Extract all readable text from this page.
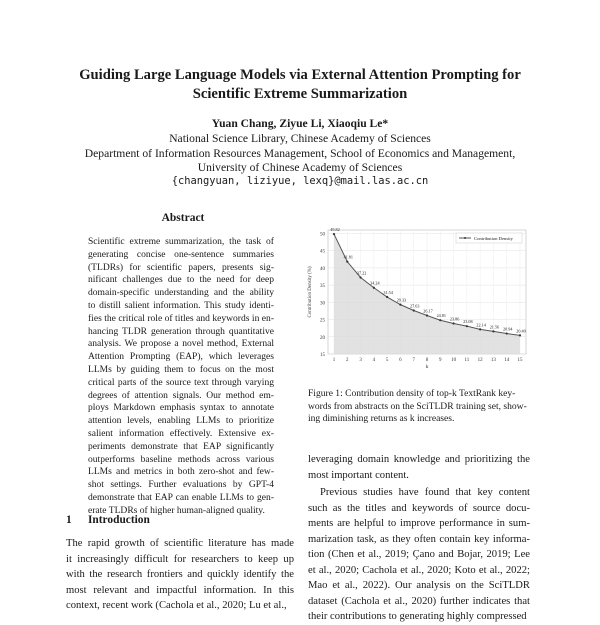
Guiding Large Language Models via External Attention Prompting for
Scientific Extreme Summarization
Yuan Chang, Ziyue Li, Xiaoqiu Le*
National Science Library, Chinese Academy of Sciences
Department of Information Resources Management, School of Economics and Management,
University of Chinese Academy of Sciences
{changyuan, liziyue, lexq}@mail.las.ac.cn
Abstract
Scientific extreme summarization, the task of
generating concise one-sentence summaries
(TLDRs) for scientific papers, presents sig-
nificant challenges due to the need for deep
domain-specific understanding and the ability
to distill salient information. This study identi-
fies the critical role of titles and keywords in en-
hancing TLDR generation through quantitative
analysis. We propose a novel method, External
Attention Prompting (EAP), which leverages
LLMs by guiding them to focus on the most
critical parts of the source text through varying
degrees of attention signals. Our method em-
ploys Markdown emphasis syntax to annotate
attention levels, enabling LLMs to prioritize
salient information effectively. Extensive ex-
periments demonstrate that EAP significantly
outperforms baseline methods across various
LLMs and metrics in both zero-shot and few-
shot settings. Further evaluations by GPT-4
demonstrate that EAP can enable LLMs to gen-
erate TLDRs of higher human-aligned quality.
1 Introduction
The rapid growth of scientific literature has made
it increasingly difficult for researchers to keep up
with the research frontiers and quickly identify the
most relevant and impactful information. In this
context, recent work (Cachola et al., 2020; Lu et al.,
15
20
25
30
35
40
45
50
1 2 3 4 5 6 7 8 9 10 11 12 13 14 15
49.82
41.81
37.22
34.24
31.54
29.33
27.63
26.17
24.81
23.86
23.08
22.14 21.56 20.94 20.40
k
Contribution Density (%)
Contribution Density
Figure 1: Contribution density of top-k TextRank key-
words from abstracts on the SciTLDR training set, show-
ing diminishing returns as k increases.
leveraging domain knowledge and prioritizing the
most important content.
Previous studies have found that key content
such as the titles and keywords of source docu-
ments are helpful to improve performance in sum-
marization task, as they often contain key informa-
tion (Chen et al., 2019; Çano and Bojar, 2019; Lee
et al., 2020; Cachola et al., 2020; Koto et al., 2022;
Mao et al., 2022). Our analysis on the SciTLDR
dataset (Cachola et al., 2020) further indicates that
their contributions to generating highly compressed
